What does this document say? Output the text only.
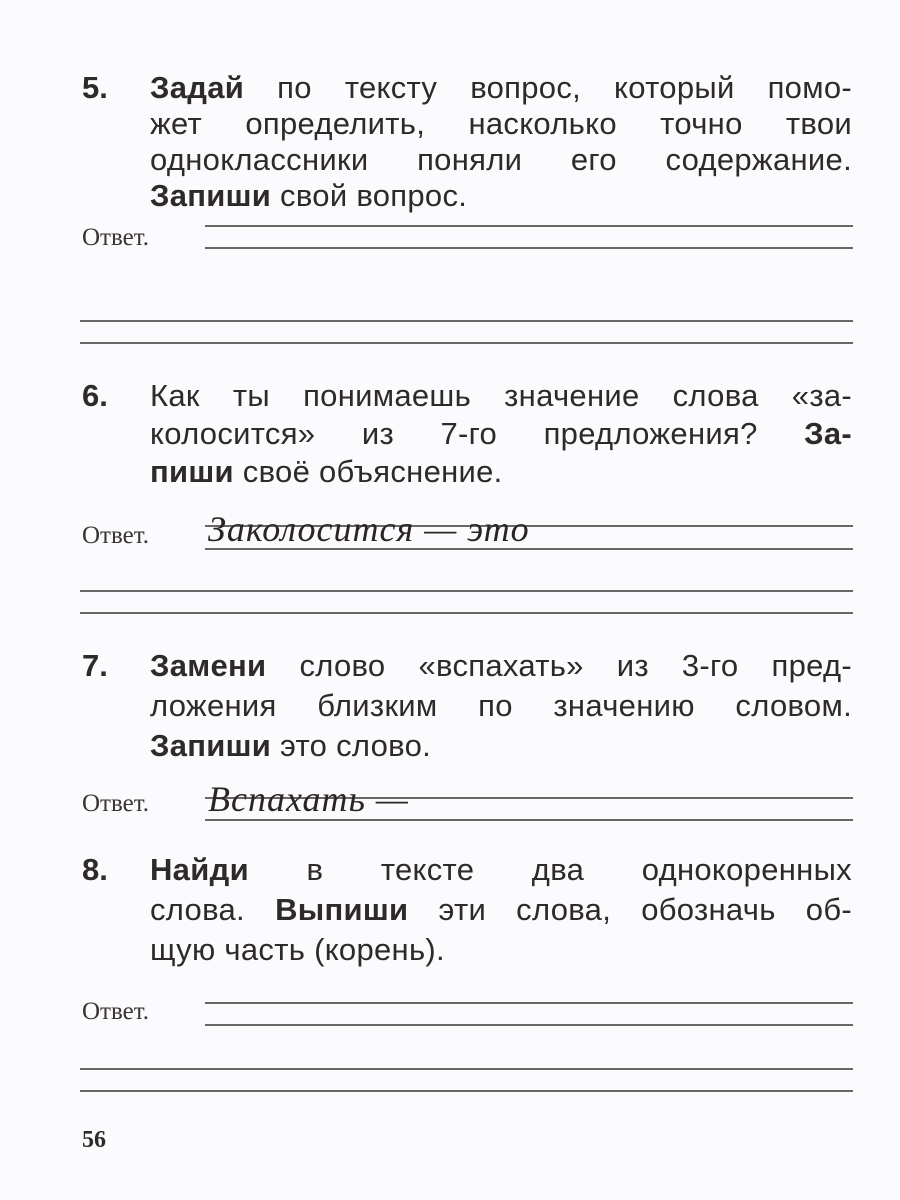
5. Задай по тексту вопрос, который помо-
жет определить, насколько точно твои
одноклассники поняли его содержание.
Запиши свой вопрос.
Ответ.
6. Как ты понимаешь значение слова «за-
колосится» из 7-го предложения? За-
пиши своё объяснение.
Ответ. Заколосится — это
7. Замени слово «вспахать» из 3-го пред-
ложения близким по значению словом.
Запиши это слово.
Ответ. Вспахать —
8. Найди в тексте два однокоренных
слова. Выпиши эти слова, обозначь об-
щую часть (корень).
Ответ.
56
